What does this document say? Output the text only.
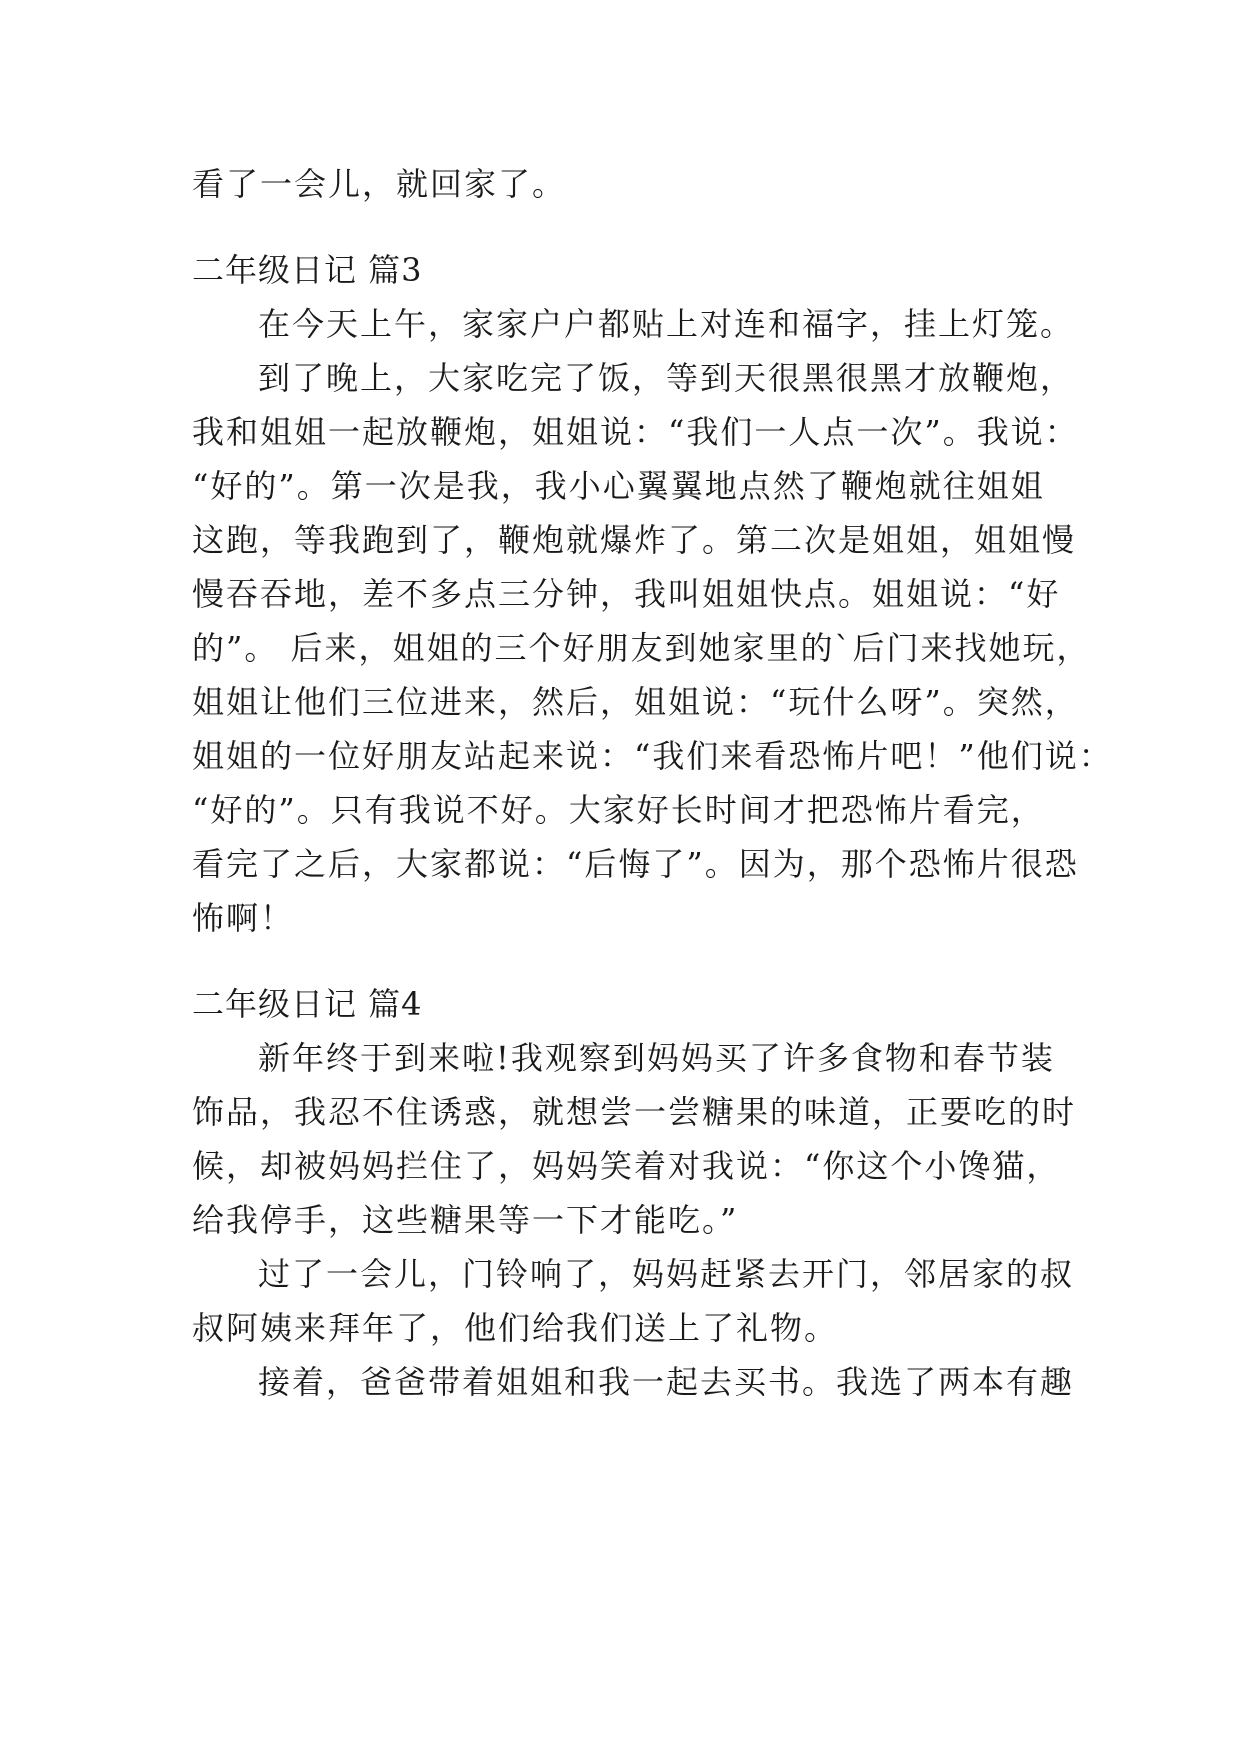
看了一会儿，就回家了。
二年级日记 篇3
在今天上午，家家户户都贴上对连和福字，挂上灯笼。
到了晚上，大家吃完了饭，等到天很黑很黑才放鞭炮，
我和姐姐一起放鞭炮，姐姐说：“我们一人点一次”。我说：
“好的”。第一次是我，我小心翼翼地点然了鞭炮就往姐姐
这跑，等我跑到了，鞭炮就爆炸了。第二次是姐姐，姐姐慢
慢吞吞地，差不多点三分钟，我叫姐姐快点。姐姐说：“好
的”。 后来，姐姐的三个好朋友到她家里的`后门来找她玩，
姐姐让他们三位进来，然后，姐姐说：“玩什么呀”。突然，
姐姐的一位好朋友站起来说：“我们来看恐怖片吧！”他们说：
“好的”。只有我说不好。大家好长时间才把恐怖片看完，
看完了之后，大家都说：“后悔了”。因为，那个恐怖片很恐
怖啊！
二年级日记 篇4
新年终于到来啦!我观察到妈妈买了许多食物和春节装
饰品，我忍不住诱惑，就想尝一尝糖果的味道，正要吃的时
候，却被妈妈拦住了，妈妈笑着对我说：“你这个小馋猫，
给我停手，这些糖果等一下才能吃。”
过了一会儿，门铃响了，妈妈赶紧去开门，邻居家的叔
叔阿姨来拜年了，他们给我们送上了礼物。
接着，爸爸带着姐姐和我一起去买书。我选了两本有趣
